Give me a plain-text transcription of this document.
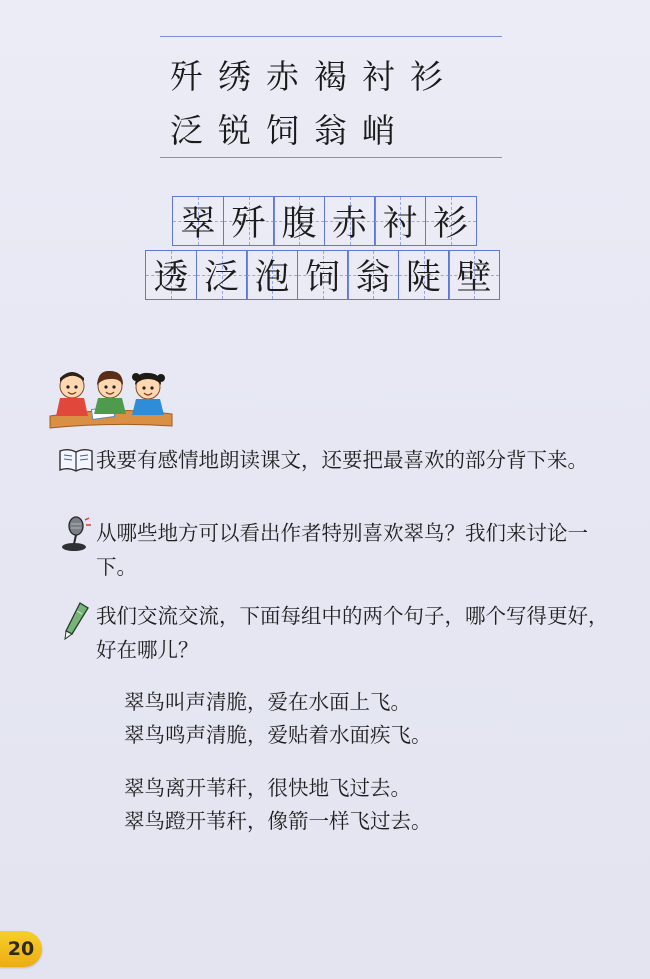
歼绣赤褐衬衫
泛锐饲翁峭
翠 歼 腹 赤 衬 衫
透 泛 泡 饲 翁 陡 壁
我要有感情地朗读课文，还要把最喜欢的部分背下来。
从哪些地方可以看出作者特别喜欢翠鸟？我们来讨论一下。
我们交流交流，下面每组中的两个句子，哪个写得更好，好在哪儿？
翠鸟叫声清脆，爱在水面上飞。
翠鸟鸣声清脆，爱贴着水面疾飞。
翠鸟离开苇秆，很快地飞过去。
翠鸟蹬开苇秆，像箭一样飞过去。
20
